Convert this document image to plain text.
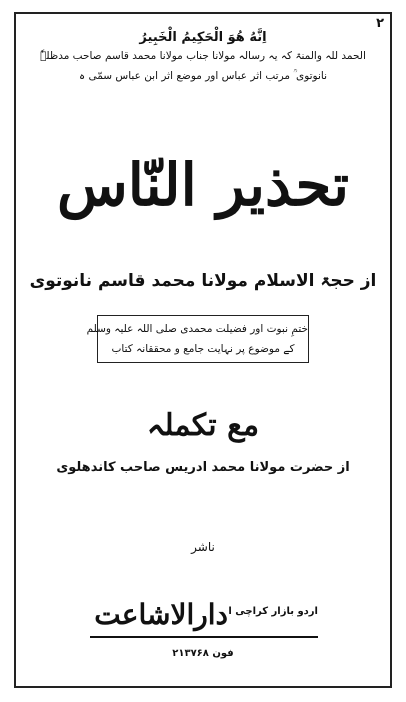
۲
اِنَّهُ هُوَ الْحَكِيمُ الْخَبِيرُ
الحمد للہ والمنۃ کہ یہ رسالہ مولانا جناب مولانا محمد قاسم صاحب مدظلہٗ
نانوتوی ؒ مرتب اثر عباس اور موضع اثر ابن عباس سمّی ہ
تحذیر النّاس
از حجۃ الاسلام مولانا محمد قاسم نانوتوی
ختمِ نبوت اور فضیلت محمدی صلی اللہ علیہ وسلم
کے موضوع پر نہایت جامع و محققانہ کتاب
مع تکملہ
از حضرت مولانا محمد ادریس صاحب کاندھلوی
ناشر
دارالاشاعت اردو بازار کراچی ا
فون ۲۱۳۷۶۸
